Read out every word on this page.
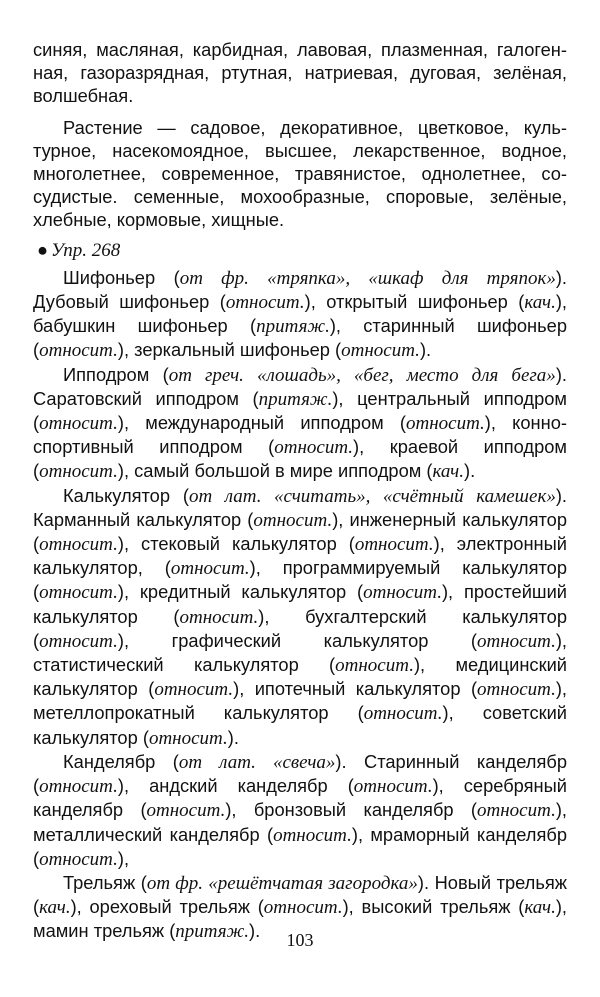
синяя, масляная, карбидная, лавовая, плазменная, галогенная, газоразрядная, ртутная, натриевая, дуговая, зелёная, волшебная.

Растение — садовое, декоративное, цветковое, культурное, насекомоядное, высшее, лекарственное, водное, многолетнее, современное, травянистое, однолетнее, сосудистые. семенные, мохообразные, споровые, зелёные, хлебные, кормовые, хищные.

● Упр. 268

Шифоньер (от фр. «тряпка», «шкаф для тряпок»). Дубовый шифоньер (относит.), открытый шифоньер (кач.), бабушкин шифоньер (притяж.), старинный шифоньер (относит.), зеркальный шифоньер (относит.).

Ипподром (от греч. «лошадь», «бег, место для бега»). Саратовский ипподром (притяж.), центральный ипподром (относит.), международный ипподром (относит.), конно-спортивный ипподром (относит.), краевой ипподром (относит.), самый большой в мире ипподром (кач.).

Калькулятор (от лат. «считать», «счётный камешек»). Карманный калькулятор (относит.), инженерный калькулятор (относит.), стековый калькулятор (относит.), электронный калькулятор, (относит.), программируемый калькулятор (относит.), кредитный калькулятор (относит.), простейший калькулятор (относит.), бухгалтерский калькулятор (относит.), графический калькулятор (относит.), статистический калькулятор (относит.), медицинский калькулятор (относит.), ипотечный калькулятор (относит.), метеллопрокатный калькулятор (относит.), советский калькулятор (относит.).

Канделябр (от лат. «свеча»). Старинный канделябр (относит.), андский канделябр (относит.), серебряный канделябр (относит.), бронзовый канделябр (относит.), металлический канделябр (относит.), мраморный канделябр (относит.),

Трельяж (от фр. «решётчатая загородка»). Новый трельяж (кач.), ореховый трельяж (относит.), высокий трельяж (кач.), мамин трельяж (притяж.).	103
